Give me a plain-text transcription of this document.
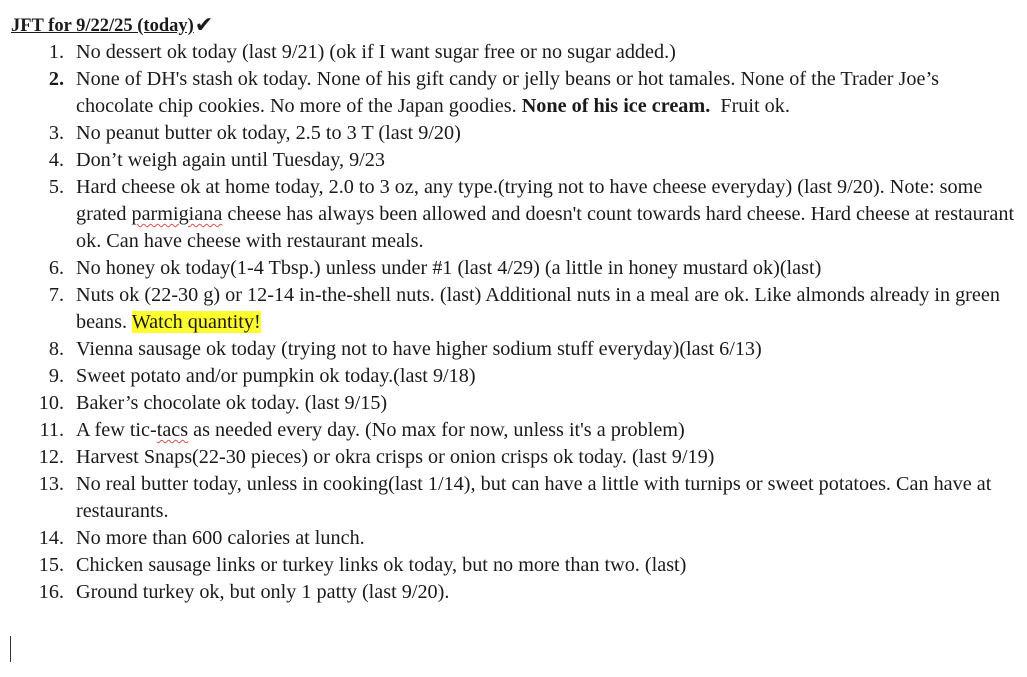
JFT for 9/22/25 (today)✔
1. No dessert ok today (last 9/21) (ok if I want sugar free or no sugar added.)
2. None of DH's stash ok today. None of his gift candy or jelly beans or hot tamales. None of the Trader Joe’s chocolate chip cookies. No more of the Japan goodies. None of his ice cream.  Fruit ok.
3. No peanut butter ok today, 2.5 to 3 T (last 9/20)
4. Don’t weigh again until Tuesday, 9/23
5. Hard cheese ok at home today, 2.0 to 3 oz, any type.(trying not to have cheese everyday) (last 9/20). Note: some grated parmigiana cheese has always been allowed and doesn't count towards hard cheese. Hard cheese at restaurant ok. Can have cheese with restaurant meals.
6. No honey ok today(1-4 Tbsp.) unless under #1 (last 4/29) (a little in honey mustard ok)(last)
7. Nuts ok (22-30 g) or 12-14 in-the-shell nuts. (last) Additional nuts in a meal are ok. Like almonds already in green beans. Watch quantity!
8. Vienna sausage ok today (trying not to have higher sodium stuff everyday)(last 6/13)
9. Sweet potato and/or pumpkin ok today.(last 9/18)
10. Baker’s chocolate ok today. (last 9/15)
11. A few tic-tacs as needed every day. (No max for now, unless it's a problem)
12. Harvest Snaps(22-30 pieces) or okra crisps or onion crisps ok today. (last 9/19)
13. No real butter today, unless in cooking(last 1/14), but can have a little with turnips or sweet potatoes. Can have at restaurants.
14. No more than 600 calories at lunch.
15. Chicken sausage links or turkey links ok today, but no more than two. (last)
16. Ground turkey ok, but only 1 patty (last 9/20).
